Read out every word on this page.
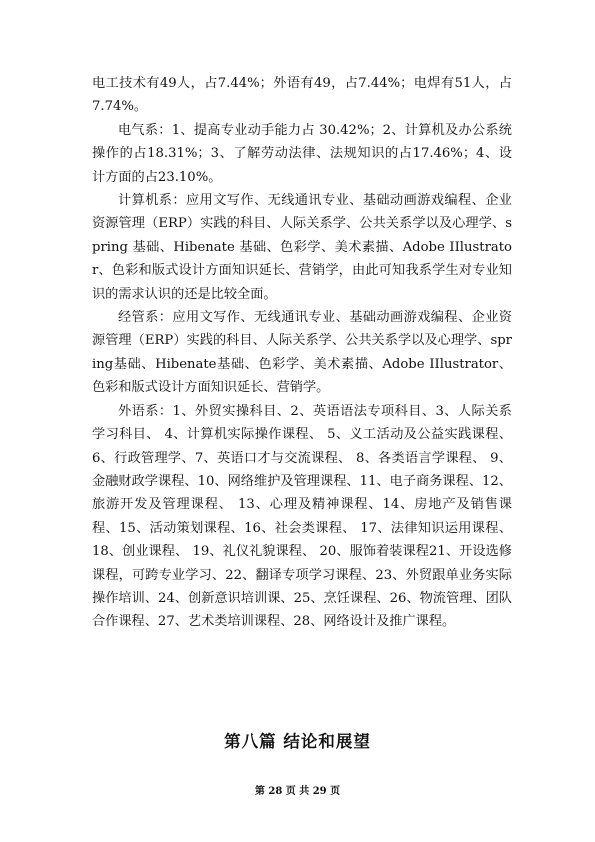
电工技术有49人，占7.44%；外语有49，占7.44%；电焊有51人，占7.74%。

电气系：1、提高专业动手能力占 30.42%；2、计算机及办公系统操作的占18.31%；3、了解劳动法律、法规知识的占17.46%；4、设计方面的占23.10%。

计算机系：应用文写作、无线通讯专业、基础动画游戏编程、企业资源管理（ERP）实践的科目、人际关系学、公共关系学以及心理学、spring 基础、Hibenate 基础、色彩学、美术素描、Adobe IIlustrator、色彩和版式设计方面知识延长、营销学，由此可知我系学生对专业知识的需求认识的还是比较全面。

经管系：应用文写作、无线通讯专业、基础动画游戏编程、企业资源管理（ERP）实践的科目、人际关系学、公共关系学以及心理学、spring基础、Hibenate基础、色彩学、美术素描、Adobe IIlustrator、色彩和版式设计方面知识延长、营销学。

外语系：1、外贸实操科目、2、英语语法专项科目、3、人际关系学习科目、 4、计算机实际操作课程、 5、义工活动及公益实践课程、6、行政管理学、7、英语口才与交流课程、 8、各类语言学课程、 9、金融财政学课程、10、网络维护及管理课程、11、电子商务课程、12、旅游开发及管理课程、 13、心理及精神课程、14、房地产及销售课程、15、活动策划课程、16、社会类课程、 17、法律知识运用课程、 18、创业课程、 19、礼仪礼貌课程、 20、服饰着装课程21、开设选修课程，可跨专业学习、22、翻译专项学习课程、23、外贸跟单业务实际操作培训、24、创新意识培训课、25、烹饪课程、26、物流管理、团队合作课程、27、艺术类培训课程、28、网络设计及推广课程。

第八篇 结论和展望
第 28 页 共 29 页
